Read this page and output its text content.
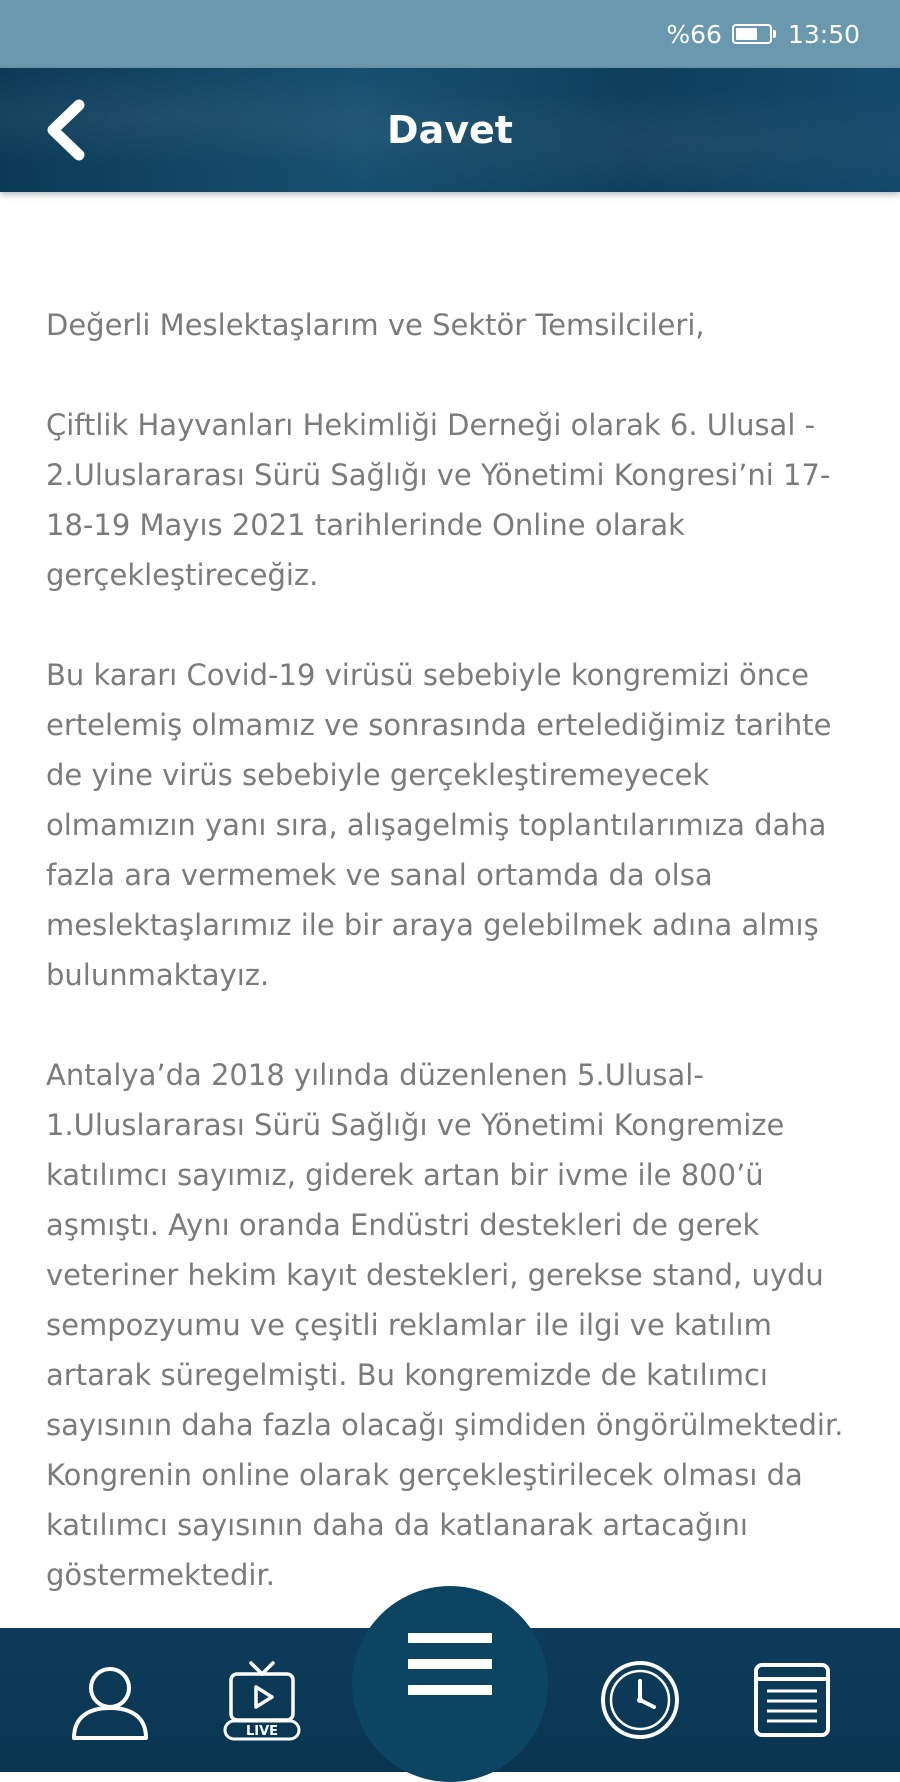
%66	13:50
Davet

Değerli Meslektaşlarım ve Sektör Temsilcileri,

Çiftlik Hayvanları Hekimliği Derneği olarak 6. Ulusal - 2.Uluslararası Sürü Sağlığı ve Yönetimi Kongresi’ni 17-18-19 Mayıs 2021 tarihlerinde Online olarak gerçekleştireceğiz.

Bu kararı Covid-19 virüsü sebebiyle kongremizi önce ertelemiş olmamız ve sonrasında ertelediğimiz tarihte de yine virüs sebebiyle gerçekleştiremeyecek olmamızın yanı sıra, alışagelmiş toplantılarımıza daha fazla ara vermemek ve sanal ortamda da olsa meslektaşlarımız ile bir araya gelebilmek adına almış bulunmaktayız.

Antalya’da 2018 yılında düzenlenen 5.Ulusal-1.Uluslararası Sürü Sağlığı ve Yönetimi Kongremize katılımcı sayımız, giderek artan bir ivme ile 800’ü aşmıştı. Aynı oranda Endüstri destekleri de gerek veteriner hekim kayıt destekleri, gerekse stand, uydu sempozyumu ve çeşitli reklamlar ile ilgi ve katılım artarak süregelmişti. Bu kongremizde de katılımcı sayısının daha fazla olacağı şimdiden öngörülmektedir. Kongrenin online olarak gerçekleştirilecek olması da katılımcı sayısının daha da katlanarak artacağını göstermektedir.

LIVE
